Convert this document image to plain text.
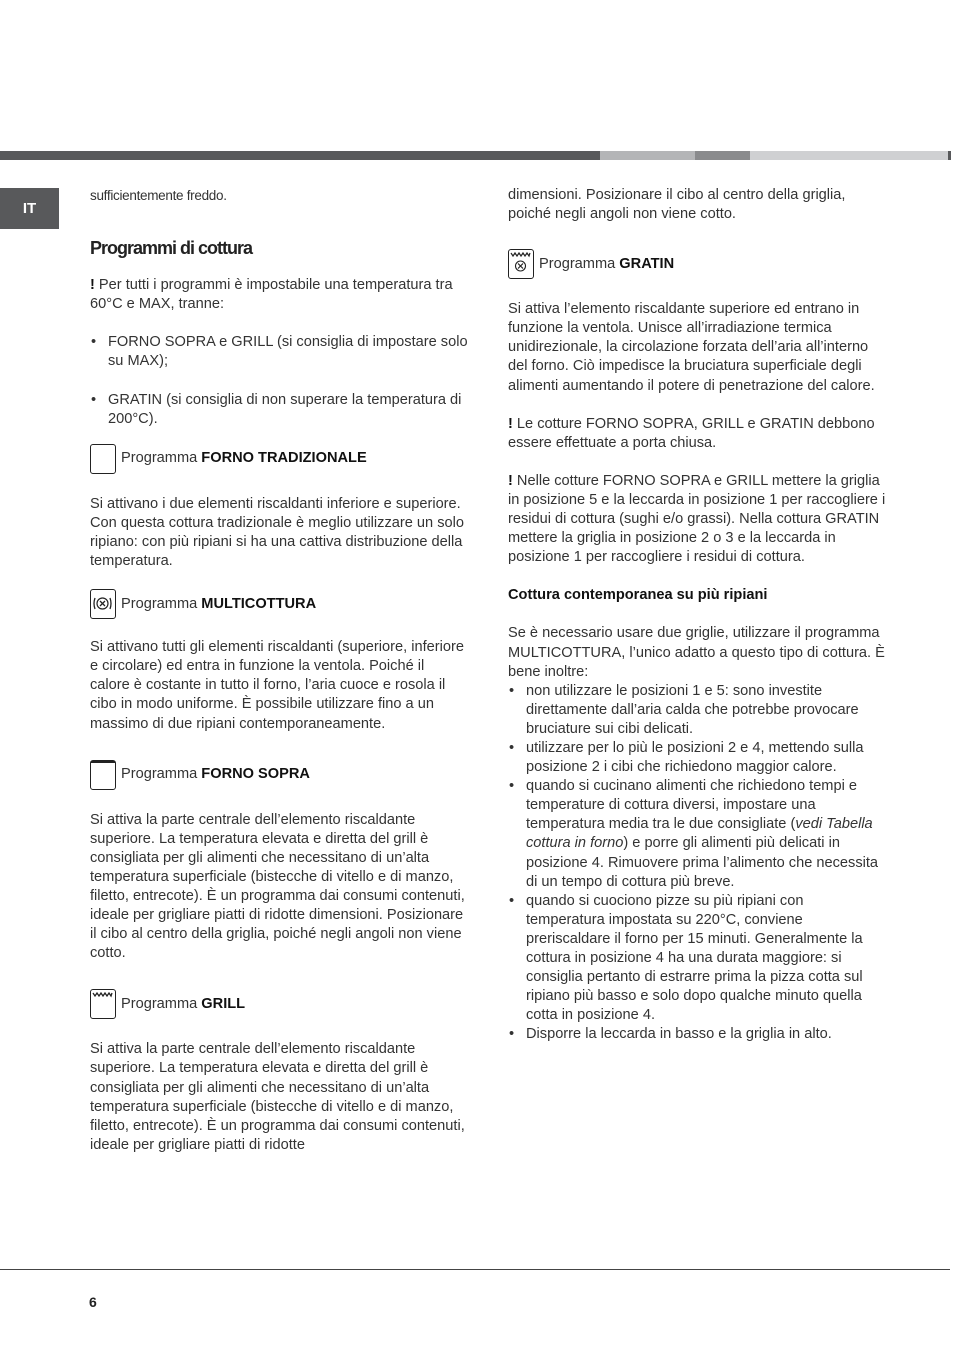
IT

sufficientemente freddo.

Programmi di cottura

! Per tutti i programmi è impostabile una temperatura tra 60°C e MAX, tranne:

• FORNO SOPRA e GRILL (si consiglia di impostare solo su MAX);

• GRATIN (si consiglia di non superare la temperatura di 200°C).

Programma FORNO TRADIZIONALE

Si attivano i due elementi riscaldanti inferiore e superiore. Con questa cottura tradizionale è meglio utilizzare un solo ripiano: con più ripiani si ha una cattiva distribuzione della temperatura.

Programma MULTICOTTURA

Si attivano tutti gli elementi riscaldanti (superiore, inferiore e circolare) ed entra in funzione la ventola. Poiché il calore è costante in tutto il forno, l’aria cuoce e rosola il cibo in modo uniforme. È possibile utilizzare fino a un massimo di due ripiani contemporaneamente.

Programma FORNO SOPRA

Si attiva la parte centrale dell’elemento riscaldante superiore. La temperatura elevata e diretta del grill è consigliata per gli alimenti che necessitano di un’alta temperatura superficiale (bistecche di vitello e di manzo, filetto, entrecote). È un programma dai consumi contenuti, ideale per grigliare piatti di ridotte dimensioni. Posizionare il cibo al centro della griglia, poiché negli angoli non viene cotto.

Programma GRILL

Si attiva la parte centrale dell’elemento riscaldante superiore. La temperatura elevata e diretta del grill è consigliata per gli alimenti che necessitano di un’alta temperatura superficiale (bistecche di vitello e di manzo, filetto, entrecote). È un programma dai consumi contenuti, ideale per grigliare piatti di ridotte

dimensioni. Posizionare il cibo al centro della griglia, poiché negli angoli non viene cotto.

Programma GRATIN

Si attiva l’elemento riscaldante superiore ed entrano in funzione la ventola. Unisce all’irradiazione termica unidirezionale, la circolazione forzata dell’aria all’interno del forno. Ciò impedisce la bruciatura superficiale degli alimenti aumentando il potere di penetrazione del calore.

! Le cotture FORNO SOPRA, GRILL e GRATIN debbono essere effettuate a porta chiusa.

! Nelle cotture FORNO SOPRA e GRILL mettere la griglia in posizione 5 e la leccarda in posizione 1 per raccogliere i residui di cottura (sughi e/o grassi). Nella cottura GRATIN mettere la griglia in posizione 2 o 3 e la leccarda in posizione 1 per raccogliere i residui di cottura.

Cottura contemporanea su più ripiani

Se è necessario usare due griglie, utilizzare il programma MULTICOTTURA, l’unico adatto a questo tipo di cottura. È bene inoltre:

• non utilizzare le posizioni 1 e 5: sono investite direttamente dall’aria calda che potrebbe provocare bruciature sui cibi delicati.

• utilizzare per lo più le posizioni 2 e 4, mettendo sulla posizione 2 i cibi che richiedono maggior calore.

• quando si cucinano alimenti che richiedono tempi e temperature di cottura diversi, impostare una temperatura media tra le due consigliate (vedi Tabella cottura in forno) e porre gli alimenti più delicati in posizione 4. Rimuovere prima l’alimento che necessita di un tempo di cottura più breve.

• quando si cuociono pizze su più ripiani con temperatura impostata su 220°C, conviene preriscaldare il forno per 15 minuti. Generalmente la cottura in posizione 4 ha una durata maggiore: si consiglia pertanto di estrarre prima la pizza cotta sul ripiano più basso e solo dopo qualche minuto quella cotta in posizione 4.

• Disporre la leccarda in basso e la griglia in alto.

6
